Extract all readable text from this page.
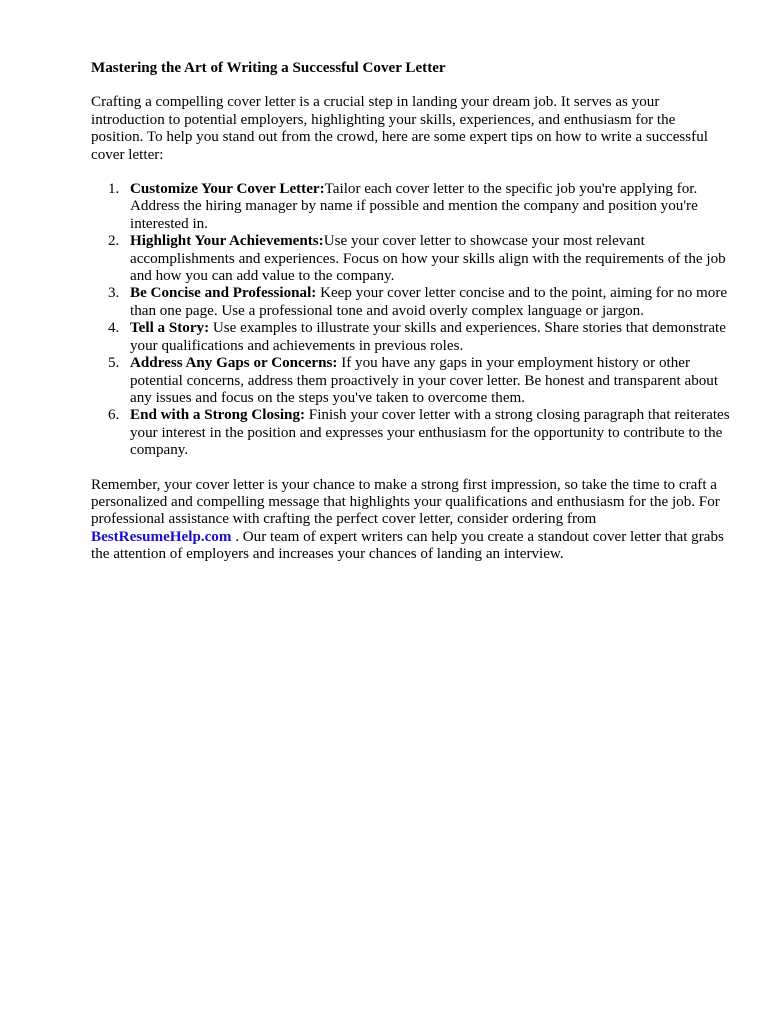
Mastering the Art of Writing a Successful Cover Letter

Crafting a compelling cover letter is a crucial step in landing your dream job. It serves as your introduction to potential employers, highlighting your skills, experiences, and enthusiasm for the position. To help you stand out from the crowd, here are some expert tips on how to write a successful cover letter:

1. Customize Your Cover Letter:Tailor each cover letter to the specific job you're applying for. Address the hiring manager by name if possible and mention the company and position you're interested in.
2. Highlight Your Achievements:Use your cover letter to showcase your most relevant accomplishments and experiences. Focus on how your skills align with the requirements of the job and how you can add value to the company.
3. Be Concise and Professional: Keep your cover letter concise and to the point, aiming for no more than one page. Use a professional tone and avoid overly complex language or jargon.
4. Tell a Story: Use examples to illustrate your skills and experiences. Share stories that demonstrate your qualifications and achievements in previous roles.
5. Address Any Gaps or Concerns: If you have any gaps in your employment history or other potential concerns, address them proactively in your cover letter. Be honest and transparent about any issues and focus on the steps you've taken to overcome them.
6. End with a Strong Closing: Finish your cover letter with a strong closing paragraph that reiterates your interest in the position and expresses your enthusiasm for the opportunity to contribute to the company.

Remember, your cover letter is your chance to make a strong first impression, so take the time to craft a personalized and compelling message that highlights your qualifications and enthusiasm for the job. For professional assistance with crafting the perfect cover letter, consider ordering from BestResumeHelp.com . Our team of expert writers can help you create a standout cover letter that grabs the attention of employers and increases your chances of landing an interview.
